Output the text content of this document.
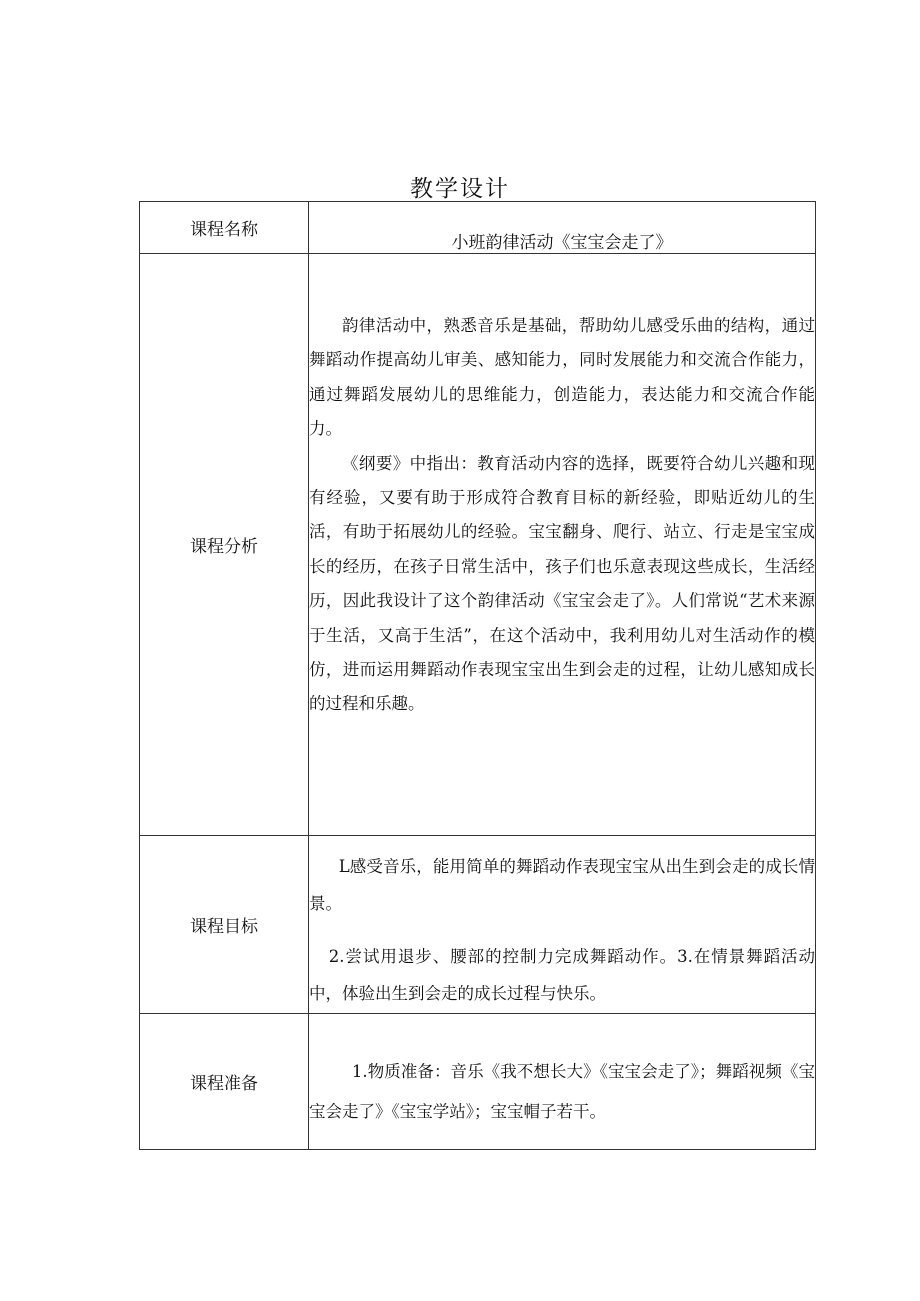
教学设计
课程名称	小班韵律活动《宝宝会走了》

课程分析	韵律活动中，熟悉音乐是基础，帮助幼儿感受乐曲的结构，通过舞蹈动作提高幼儿审美、感知能力，同时发展能力和交流合作能力，通过舞蹈发展幼儿的思维能力，创造能力，表达能力和交流合作能力。

《纲要》中指出：教育活动内容的选择，既要符合幼儿兴趣和现有经验，又要有助于形成符合教育目标的新经验，即贴近幼儿的生活，有助于拓展幼儿的经验。宝宝翻身、爬行、站立、行走是宝宝成长的经历，在孩子日常生活中，孩子们也乐意表现这些成长，生活经历，因此我设计了这个韵律活动《宝宝会走了》。人们常说“艺术来源于生活，又高于生活”，在这个活动中，我利用幼儿对生活动作的模仿，进而运用舞蹈动作表现宝宝出生到会走的过程，让幼儿感知成长的过程和乐趣。

课程目标	L感受音乐，能用简单的舞蹈动作表现宝宝从出生到会走的成长情景。

2.尝试用退步、腰部的控制力完成舞蹈动作。3.在情景舞蹈活动中，体验出生到会走的成长过程与快乐。

课程准备	1.物质准备：音乐《我不想长大》《宝宝会走了》；舞蹈视频《宝宝会走了》《宝宝学站》；宝宝帽子若干。
